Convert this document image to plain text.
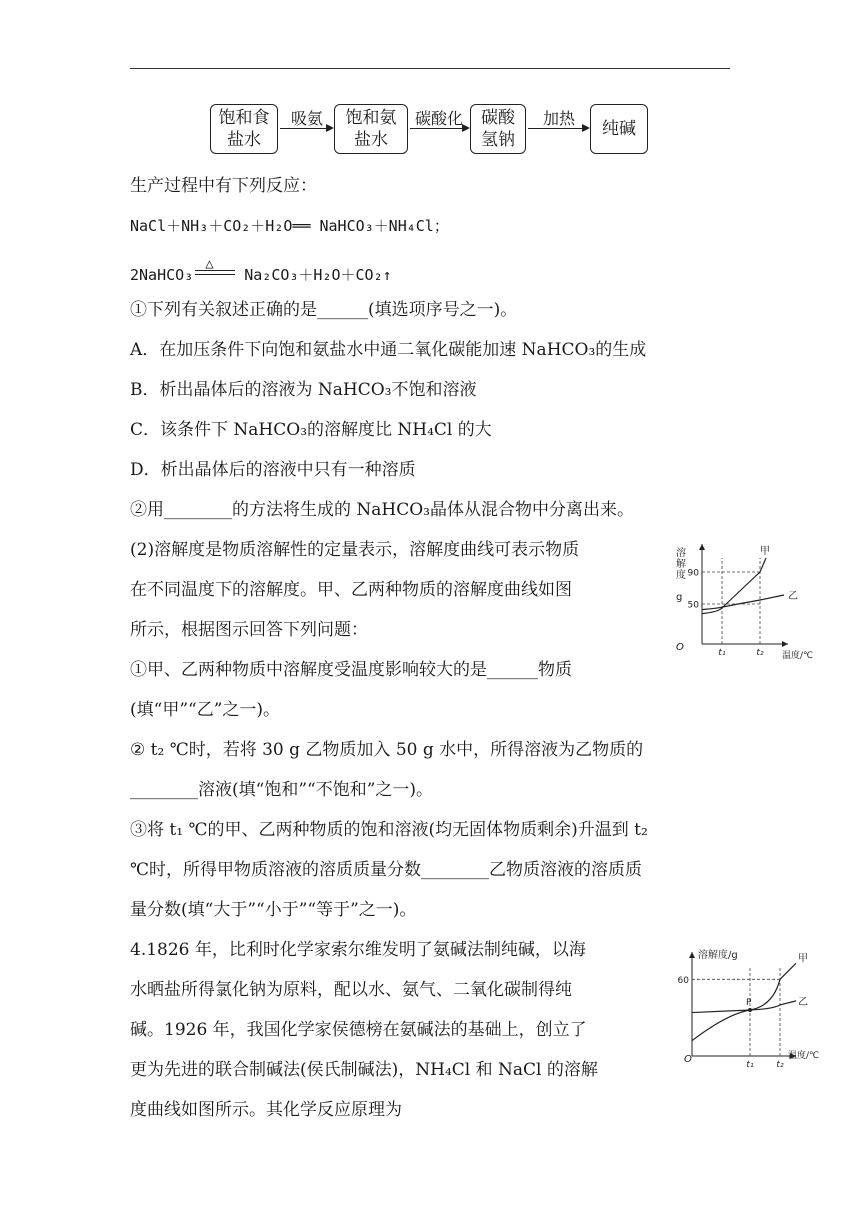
饱和食
盐水
吸氨	饱和氨
盐水
碳酸化	碳酸
氢钠
加热
纯碱
生产过程中有下列反应：
NaCl＋NH₃＋CO₂＋H₂O══ NaHCO₃＋NH₄Cl；
2NaHCO₃
△
Na₂CO₃＋H₂O＋CO₂↑
①下列有关叙述正确的是______(填选项序号之一)。
A．在加压条件下向饱和氨盐水中通二氧化碳能加速 NaHCO₃的生成
B．析出晶体后的溶液为 NaHCO₃不饱和溶液
C．该条件下 NaHCO₃的溶解度比 NH₄Cl 的大
D．析出晶体后的溶液中只有一种溶质
②用________的方法将生成的 NaHCO₃晶体从混合物中分离出来。
(2)溶解度是物质溶解性的定量表示，溶解度曲线可表示物质
在不同温度下的溶解度。甲、乙两种物质的溶解度曲线如图
所示，根据图示回答下列问题：
①甲、乙两种物质中溶解度受温度影响较大的是______物质
(填“甲”“乙”之一)。
② t₂ ℃时，若将 30 g 乙物质加入 50 g 水中，所得溶液为乙物质的
________溶液(填“饱和”“不饱和”之一)。
③将 t₁ ℃的甲、乙两种物质的饱和溶液(均无固体物质剩余)升温到 t₂
℃时，所得甲物质溶液的溶质质量分数________乙物质溶液的溶质质
量分数(填“大于”“小于”“等于”之一)。
4.1826 年，比利时化学家索尔维发明了氨碱法制纯碱，以海
水晒盐所得氯化钠为原料，配以水、氨气、二氧化碳制得纯
碱。1926 年，我国化学家侯德榜在氨碱法的基础上，创立了
更为先进的联合制碱法(侯氏制碱法)，NH₄Cl 和 NaCl 的溶解
度曲线如图所示。其化学反应原理为
O
溶
解
度
g
温度/℃
50
90
t₁	t₂
甲
乙
O
溶解度/g
温度/℃
60
t₁	t₂
甲
乙
P
